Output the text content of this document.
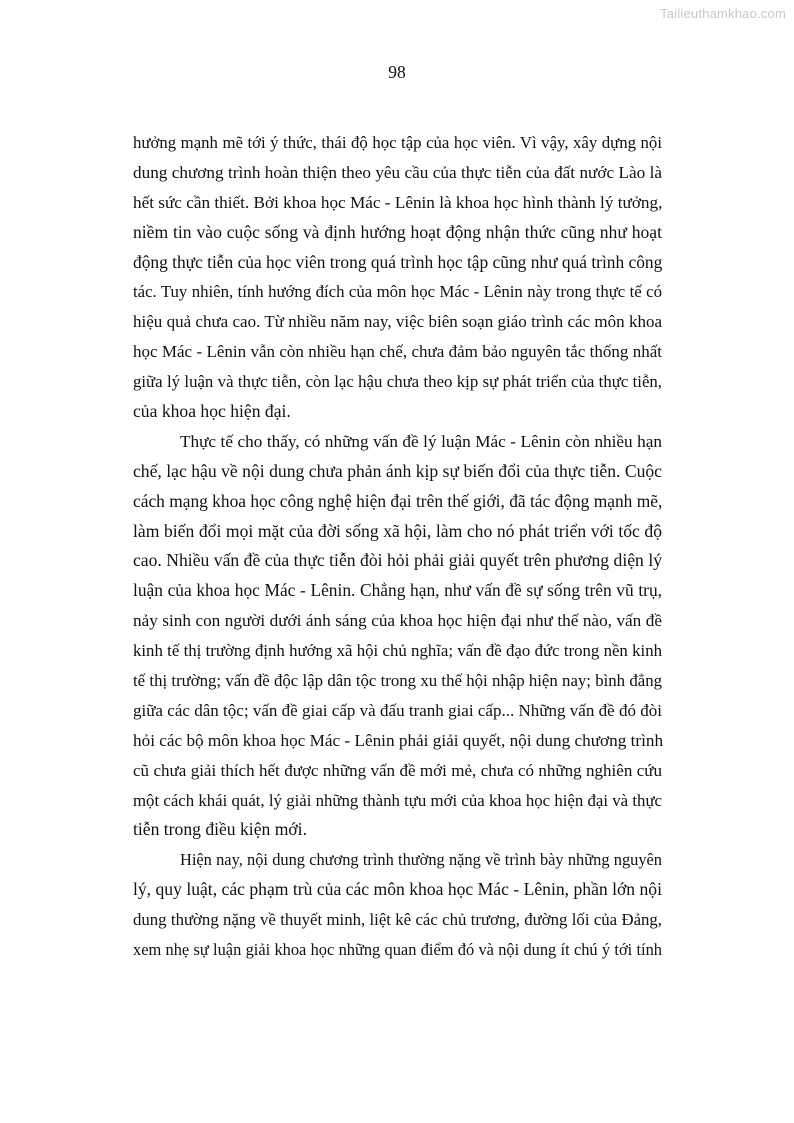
Tailieuthamkhao.com
98
hưởng mạnh mẽ tới ý thức, thái độ học tập của học viên. Vì vậy, xây dựng nội
dung chương trình hoàn thiện theo yêu cầu của thực tiễn của đất nước Lào là
hết sức cần thiết. Bởi khoa học Mác - Lênin là khoa học hình thành lý tưởng,
niềm tin vào cuộc sống và định hướng hoạt động nhận thức cũng như hoạt
động thực tiễn của học viên trong quá trình học tập cũng như quá trình công
tác. Tuy nhiên, tính hướng đích của môn học Mác - Lênin này trong thực tế có
hiệu quả chưa cao. Từ nhiều năm nay, việc biên soạn giáo trình các môn khoa
học Mác - Lênin vẫn còn nhiều hạn chế, chưa đảm bảo nguyên tắc thống nhất
giữa lý luận và thực tiễn, còn lạc hậu chưa theo kịp sự phát triển của thực tiễn,
của khoa học hiện đại.
Thực tế cho thấy, có những vấn đề lý luận Mác - Lênin còn nhiều hạn
chế, lạc hậu về nội dung chưa phản ánh kịp sự biến đổi của thực tiễn. Cuộc
cách mạng khoa học công nghệ hiện đại trên thế giới, đã tác động mạnh mẽ,
làm biến đổi mọi mặt của đời sống xã hội, làm cho nó phát triển với tốc độ
cao. Nhiều vấn đề của thực tiễn đòi hỏi phải giải quyết trên phương diện lý
luận của khoa học Mác - Lênin. Chẳng hạn, như vấn đề sự sống trên vũ trụ,
nảy sinh con người dưới ánh sáng của khoa học hiện đại như thế nào, vấn đề
kinh tế thị trường định hướng xã hội chủ nghĩa; vấn đề đạo đức trong nền kinh
tế thị trường; vấn đề độc lập dân tộc trong xu thế hội nhập hiện nay; bình đẳng
giữa các dân tộc; vấn đề giai cấp và đấu tranh giai cấp... Những vấn đề đó đòi
hỏi các bộ môn khoa học Mác - Lênin phải giải quyết, nội dung chương trình
cũ chưa giải thích hết được những vấn đề mới mẻ, chưa có những nghiên cứu
một cách khái quát, lý giải những thành tựu mới của khoa học hiện đại và thực
tiễn trong điều kiện mới.
Hiện nay, nội dung chương trình thường nặng về trình bày những nguyên
lý, quy luật, các phạm trù của các môn khoa học Mác - Lênin, phần lớn nội
dung thường nặng về thuyết minh, liệt kê các chủ trương, đường lối của Đảng,
xem nhẹ sự luận giải khoa học những quan điểm đó và nội dung ít chú ý tới tính
